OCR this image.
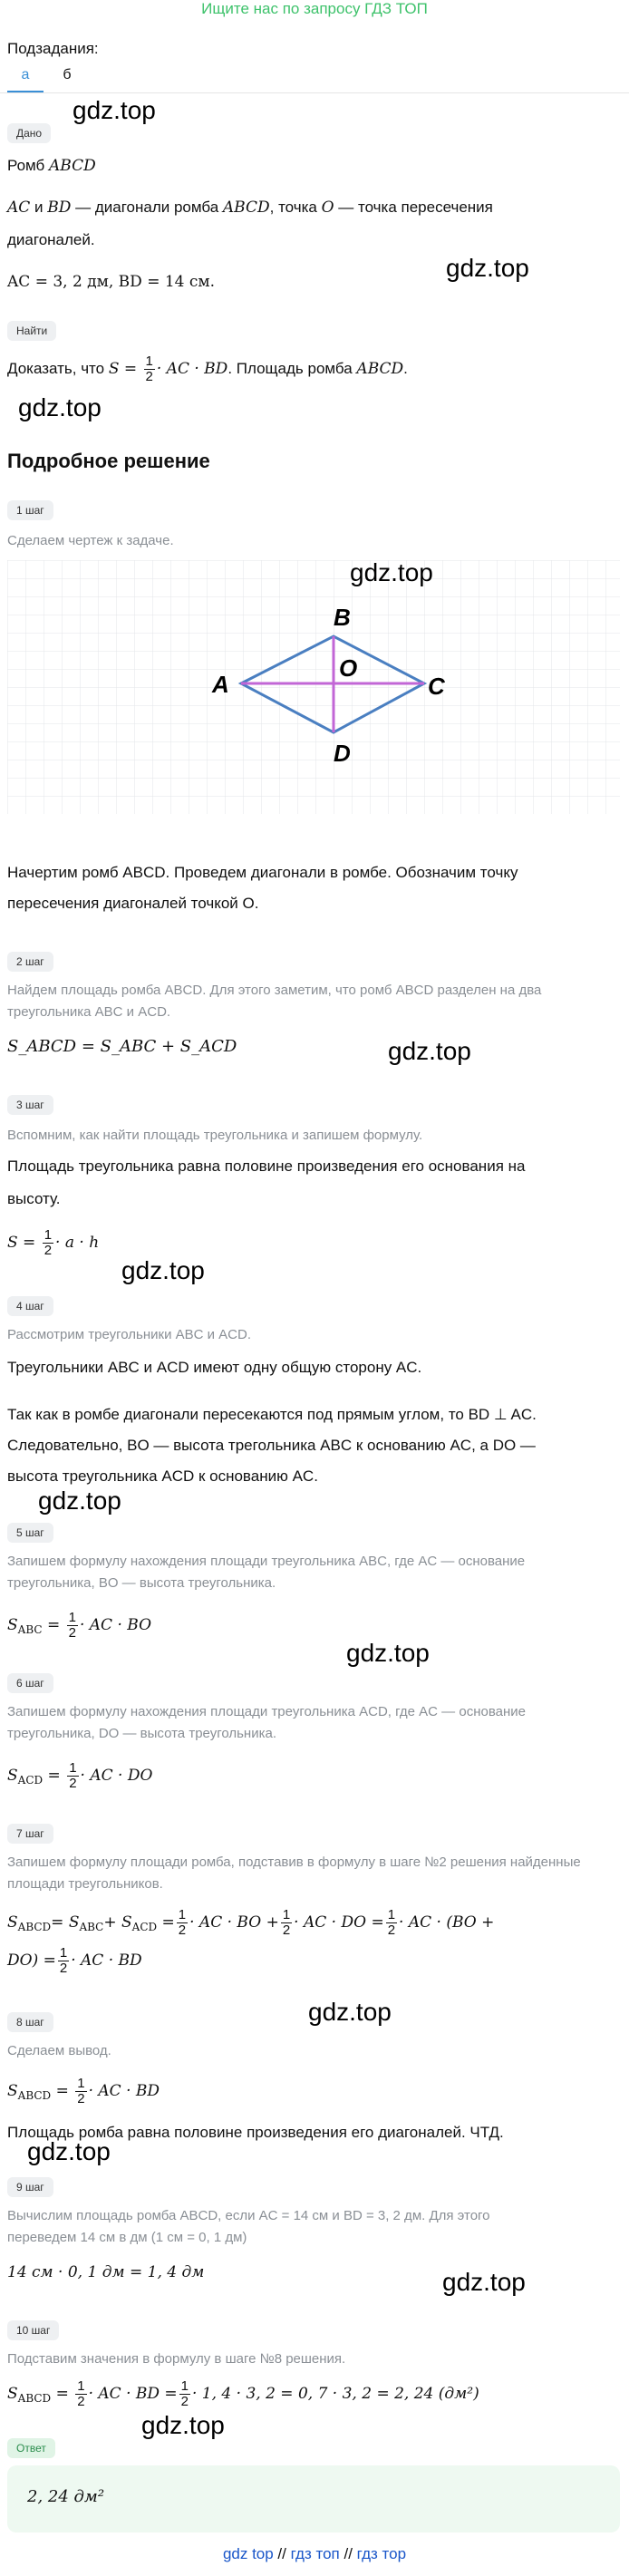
Ищите нас по запросу ГДЗ ТОП
Подзадания:
а	б
Дано
gdz.top
Ромб ABCD
AC и BD — диагонали ромба ABCD, точка O — точка пересечения
gdz.top
диагоналей.
AC = 3, 2 дм, BD = 14 см.
Найти
Доказать, что $S = \frac{1}{2}$ · AC · BD. Площадь ромба ABCD.
gdz.top
Подробное решение
1 шаг
Сделаем чертеж к задаче.
A
B
C
D
O
gdz.top
Начертим ромб ABCD. Проведем диагонали в ромбе. Обозначим точку
пересечения диагоналей точкой O.
2 шаг
Найдем площадь ромба ABCD. Для этого заметим, что ромб ABCD разделен на два
треугольника ABC и ACD.
S_ABCD = S_ABC + S_ACD	gdz.top
3 шаг
Вспомним, как найти площадь треугольника и запишем формулу.
Площадь треугольника равна половине произведения его основания на
высоту.
$S = \frac{1}{2} \cdot a \cdot h$
gdz.top
4 шаг
Рассмотрим треугольники ABC и ACD.
Треугольники ABC и ACD имеют одну общую сторону AC.
Так как в ромбе диагонали пересекаются под прямым углом, то BD ⊥ AC.
Следовательно, BO — высота трегольника ABC к основанию AC, а DO —
высота треугольника ACD к основанию AC.
gdz.top
5 шаг
Запишем формулу нахождения площади треугольника ABC, где AC — основание
треугольника, BO — высота треугольника.
$S_{ABC} = \frac{1}{2}$ · AC · BO
gdz.top
6 шаг
Запишем формулу нахождения площади треугольника ACD, где AC — основание
треугольника, DO — высота треугольника.
$S_{ACD} = \frac{1}{2}$ · AC · DO
7 шаг
Запишем формулу площади ромба, подставив в формулу в шаге №2 решения найденные
площади треугольников.
$S_{ABCD}= S_{ABC}+ S_{ACD} = \frac{1}{2}$ · AC · BO + $\frac{1}{2}$ · AC · DO = $\frac{1}{2}$ · AC · (BO +
$DO) = \frac{1}{2}$ · AC · BD
gdz.top
8 шаг
Сделаем вывод.
$S_{ABCD} = \frac{1}{2}$ · AC · BD
Площадь ромба равна половине произведения его диагоналей. ЧТД.
gdz.top
9 шаг
Вычислим площадь ромба ABCD, если AC = 14 см и BD = 3, 2 дм. Для этого
переведем 14 см в дм (1 см = 0, 1 дм)
14 см · 0, 1 дм = 1, 4 дм	gdz.top
10 шаг
Подставим значения в формулу в шаге №8 решения.
$S_{ABCD} = \frac{1}{2}$ · AC · BD = $\frac{1}{2} \cdot 1$, 4 · 3, 2 = 0, 7 · 3, 2 = 2, 24 (дм²)
gdz.top
Ответ
2, 24 дм²
gdz top // гдз топ // гдз тор
